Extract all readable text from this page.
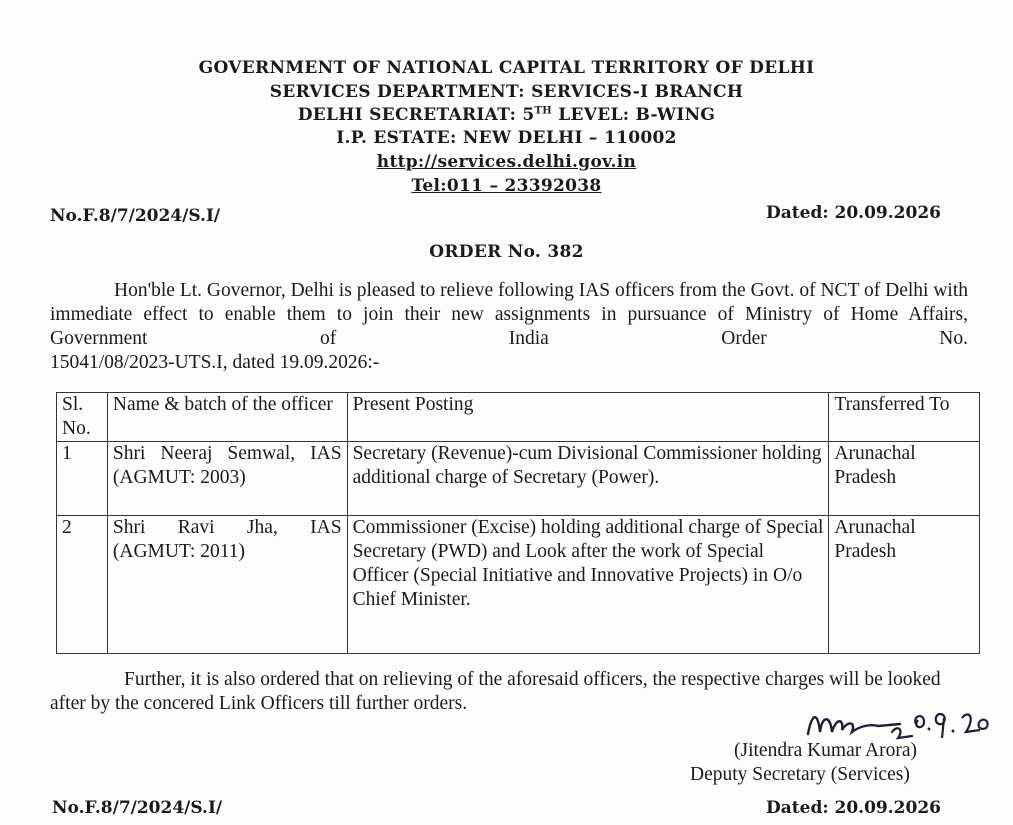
GOVERNMENT OF NATIONAL CAPITAL TERRITORY OF DELHI
SERVICES DEPARTMENT: SERVICES-I BRANCH
DELHI SECRETARIAT: 5TH LEVEL: B-WING
I.P. ESTATE: NEW DELHI – 110002
http://services.delhi.gov.in
Tel:011 – 23392038
No.F.8/7/2024/S.I/	Dated: 20.09.2026
ORDER No. 382
Hon'ble Lt. Governor, Delhi is pleased to relieve following IAS officers from the Govt. of NCT of Delhi with immediate effect to enable them to join their new assignments in pursuance of Ministry of Home Affairs, Government of India Order No.
15041/08/2023-UTS.I, dated 19.09.2026:-
Sl. No.	Name & batch of the officer	Present Posting	Transferred To
1	Shri Neeraj Semwal, IAS (AGMUT: 2003)	Secretary (Revenue)-cum Divisional Commissioner holding additional charge of Secretary (Power).	Arunachal Pradesh
2	Shri Ravi Jha, IAS (AGMUT: 2011)	Commissioner (Excise) holding additional charge of Special Secretary (PWD) and Look after the work of Special Officer (Special Initiative and Innovative Projects) in O/o Chief Minister.	Arunachal Pradesh
Further, it is also ordered that on relieving of the aforesaid officers, the respective charges will be looked after by the concered Link Officers till further orders.
(Jitendra Kumar Arora)
Deputy Secretary (Services)
No.F.8/7/2024/S.I/	Dated: 20.09.2026
